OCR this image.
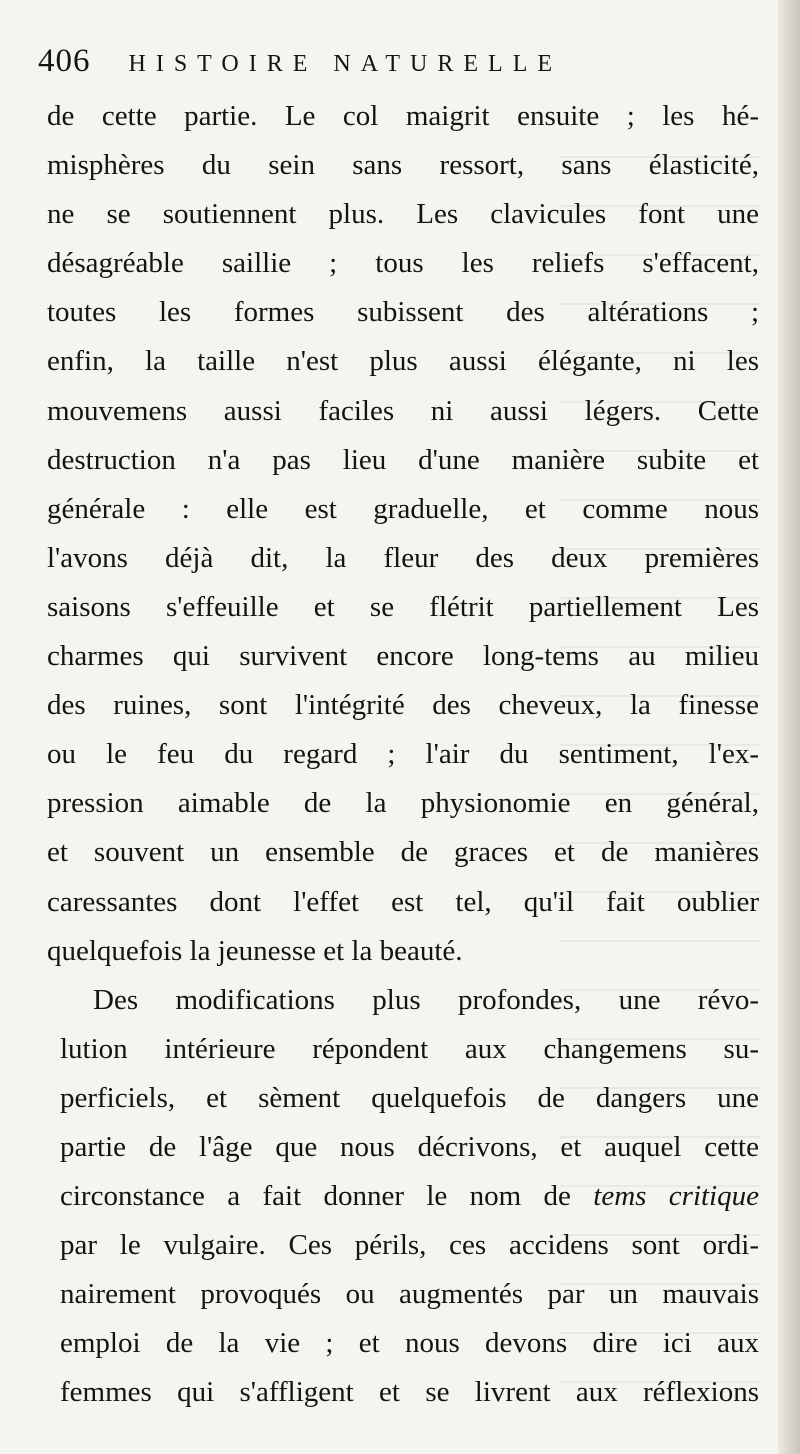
406 HISTOIRE NATURELLE
de cette partie. Le col maigrit ensuite ; les hé-
misphères du sein sans ressort, sans élasticité,
ne se soutiennent plus. Les clavicules font une
désagréable saillie ; tous les reliefs s'effacent,
toutes les formes subissent des altérations ;
enfin, la taille n'est plus aussi élégante, ni les
mouvemens aussi faciles ni aussi légers. Cette
destruction n'a pas lieu d'une manière subite et
générale : elle est graduelle, et comme nous
l'avons déjà dit, la fleur des deux premières
saisons s'effeuille et se flétrit partiellement Les
charmes qui survivent encore long-tems au milieu
des ruines, sont l'intégrité des cheveux, la finesse
ou le feu du regard ; l'air du sentiment, l'ex-
pression aimable de la physionomie en général,
et souvent un ensemble de graces et de manières
caressantes dont l'effet est tel, qu'il fait oublier
quelquefois la jeunesse et la beauté.
Des modifications plus profondes, une révo-
lution intérieure répondent aux changemens su-
perficiels, et sèment quelquefois de dangers une
partie de l'âge que nous décrivons, et auquel cette
circonstance a fait donner le nom de tems critique
par le vulgaire. Ces périls, ces accidens sont ordi-
nairement provoqués ou augmentés par un mauvais
emploi de la vie ; et nous devons dire ici aux
femmes qui s'affligent et se livrent aux réflexions
